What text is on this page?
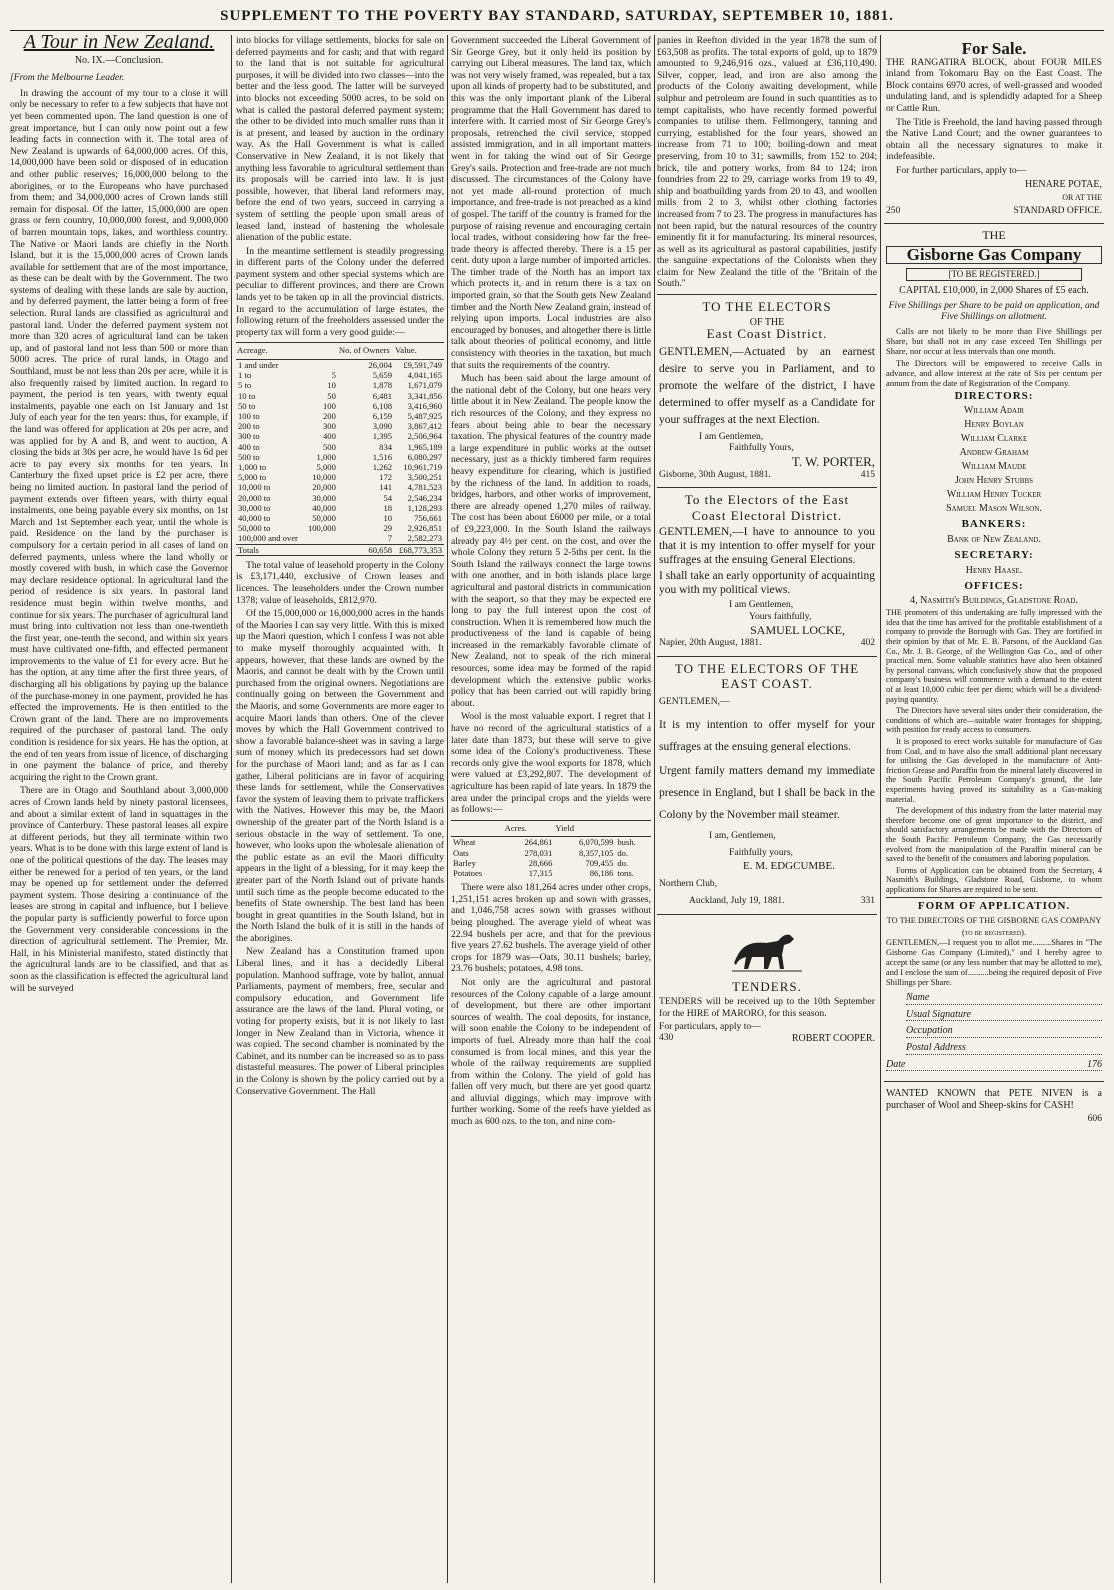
SUPPLEMENT TO THE POVERTY BAY STANDARD, SATURDAY, SEPTEMBER 10, 1881.
A Tour in New Zealand.
No. IX.—Conclusion.
[From the Melbourne Leader.

In drawing the account of my tour to a close it will only be necessary to refer to a few subjects that have not yet been commented upon. The land question is one of great importance, but I can only now point out a few leading facts in connection with it. The total area of New Zealand is upwards of 64,000,000 acres. Of this, 14,000,000 have been sold or disposed of in education and other public reserves; 16,000,000 belong to the aborigines, or to the Europeans who have purchased from them; and 34,000,000 acres of Crown lands still remain for disposal. Of the latter, 15,000,000 are open grass or fern country, 10,000,000 forest, and 9,000,000 of barren mountain tops, lakes, and worthless country. The Native or Maori lands are chiefly in the North Island, but it is the 15,000,000 acres of Crown lands available for settlement that are of the most importance, as these can be dealt with by the Government. The two systems of dealing with these lands are sale by auction, and by deferred payment, the latter being a form of free selection. Rural lands are classified as agricultural and pastoral land. Under the deferred payment system not more than 320 acres of agricultural land can be taken up, and of pastoral land not less than 500 or more than 5000 acres. The price of rural lands, in Otago and Southland, must be not less than 20s per acre, while it is also frequently raised by limited auction. In regard to payment, the period is ten years, with twenty equal instalments, payable one each on 1st January and 1st July of each year for the ten years: thus, for example, if the land was offered for application at 20s per acre, and was applied for by A and B, and went to auction, A closing the bids at 30s per acre, he would have 1s 6d per acre to pay every six months for ten years. In Canterbury the fixed upset price is £2 per acre, there being no limited auction. In pastoral land the period of payment extends over fifteen years, with thirty equal instalments, one being payable every six months, on 1st March and 1st September each year, until the whole is paid. Residence on the land by the purchaser is compulsory for a certain period in all cases of land on deferred payments, unless where the land wholly or mostly covered with bush, in which case the Governor may declare residence optional. In agricultural land the period of residence is six years. In pastoral land residence must begin within twelve months, and continue for six years. The purchaser of agricultural land must bring into cultivation not less than one-twentieth the first year, one-tenth the second, and within six years must have cultivated one-fifth, and effected permanent improvements to the value of £1 for every acre. But he has the option, at any time after the first three years, of discharging all his obligations by paying up the balance of the purchase-money in one payment, provided he has effected the improvements. He is then entitled to the Crown grant of the land. There are no improvements required of the purchaser of pastoral land. The only condition is residence for six years. He has the option, at the end of ten years from issue of licence, of discharging in one payment the balance of price, and thereby acquiring the right to the Crown grant.

There are in Otago and Southland about 3,000,000 acres of Crown lands held by ninety pastoral licensees, and about a similar extent of land in squattages in the province of Canterbury. These pastoral leases all expire at different periods, but they all terminate within two years. What is to be done with this large extent of land is one of the political questions of the day. The leases may either be renewed for a period of ten years, or the land may be opened up for settlement under the deferred payment system. Those desiring a continuance of the leases are strong in capital and influence, but I believe the popular party is sufficiently powerful to force upon the Government very considerable concessions in the direction of agricultural settlement. The Premier, Mr. Hall, in his Ministerial manifesto, stated distinctly that the agricultural lands are to be classified, and that as soon as the classification is effected the agricultural land will be surveyed

into blocks for village settlements, blocks for sale on deferred payments and for cash; and that with regard to the land that is not suitable for agricultural purposes, it will be divided into two classes—into the better and the less good. The latter will be surveyed into blocks not exceeding 5000 acres, to be sold on what is called the pastoral deferred payment system; the other to be divided into much smaller runs than it is at present, and leased by auction in the ordinary way. As the Hall Government is what is called Conservative in New Zealand, it is not likely that anything less favorable to agricultural settlement than its proposals will be carried into law. It is just possible, however, that liberal land reformers may, before the end of two years, succeed in carrying a system of settling the people upon small areas of leased land, instead of hastening the wholesale alienation of the public estate.

In the meantime settlement is steadily progressing in different parts of the Colony under the deferred payment system and other special systems which are peculiar to different provinces, and there are Crown lands yet to be taken up in all the provincial districts. In regard to the accumulation of large estates, the following return of the freeholders assessed under the property tax will form a very good guide:—

Acreage.		No. of Owners	Value.
1 and under		26,004	£9,591,749
1 to	5	5,659	4,041,165
5 to	10	1,878	1,671,079
10 to	50	6,481	3,341,856
50 to	100	6,108	3,416,960
100 to	200	6,159	5,487,925
200 to	300	3,090	3,867,412
300 to	400	1,395	2,506,964
400 to	500	834	1,965,189
500 to	1,000	1,516	6,080,297
1,000 to	5,000	1,262	10,961,719
5,000 to	10,000	172	3,500,251
10,000 to	20,000	141	4,781,523
20,000 to	30,000	54	2,546,234
30,000 to	40,000	18	1,128,293
40,000 to	50,000	10	756,661
50,000 to	100,000	29	2,926,851
100,000 and over		7	2,582,273
Totals		60,658	£68,773,353

The total value of leasehold property in the Colony is £3,171,440, exclusive of Crown leases and licences. The leaseholders under the Crown number 1378; value of leaseholds, £812,970.

Of the 15,000,000 or 16,000,000 acres in the hands of the Maories I can say very little. With this is mixed up the Maori question, which I confess I was not able to make myself thoroughly acquainted with. It appears, however, that these lands are owned by the Maoris, and cannot be dealt with by the Crown until purchased from the original owners. Negotiations are continually going on between the Government and the Maoris, and some Governments are more eager to acquire Maori lands than others. One of the clever moves by which the Hall Government contrived to show a favorable balance-sheet was in saving a large sum of money which its predecessors had set down for the purchase of Maori land; and as far as I can gather, Liberal politicians are in favor of acquiring these lands for settlement, while the Conservatives favor the system of leaving them to private traffickers with the Natives. However this may be, the Maori ownership of the greater part of the North Island is a serious obstacle in the way of settlement. To one, however, who looks upon the wholesale alienation of the public estate as an evil the Maori difficulty appears in the light of a blessing, for it may keep the greater part of the North Island out of private hands until such time as the people become educated to the benefits of State ownership. The best land has been bought in great quantities in the South Island, but in the North Island the bulk of it is still in the hands of the aborigines.

New Zealand has a Constitution framed upon Liberal lines, and it has a decidedly Liberal population. Manhood suffrage, vote by ballot, annual Parliaments, payment of members, free, secular and compulsory education, and Government life assurance are the laws of the land. Plural voting, or voting for property exists, but it is not likely to last longer in New Zealand than in Victoria, whence it was copied. The second chamber is nominated by the Cabinet, and its number can be increased so as to pass distasteful measures. The power of Liberal principles in the Colony is shown by the policy carried out by a Conservative Government. The Hall

Government succeeded the Liberal Government of Sir George Grey, but it only held its position by carrying out Liberal measures. The land tax, which was not very wisely framed, was repealed, but a tax upon all kinds of property had to be substituted, and this was the only important plank of the Liberal programme that the Hall Government has dared to interfere with. It carried most of Sir George Grey's proposals, retrenched the civil service, stopped assisted immigration, and in all important matters went in for taking the wind out of Sir George Grey's sails. Protection and free-trade are not much discussed. The circumstances of the Colony have not yet made all-round protection of much importance, and free-trade is not preached as a kind of gospel. The tariff of the country is framed for the purpose of raising revenue and encouraging certain local trades, without considering how far the free-trade theory is affected thereby. There is a 15 per cent. duty upon a large number of imported articles. The timber trade of the North has an import tax which protects it, and in return there is a tax on imported grain, so that the South gets New Zealand timber and the North New Zealand grain, instead of relying upon imports. Local industries are also encouraged by bonuses, and altogether there is little talk about theories of political economy, and little consistency with theories in the taxation, but much that suits the requirements of the country.

Much has been said about the large amount of the national debt of the Colony, but one hears very little about it in New Zealand. The people know the rich resources of the Colony, and they express no fears about being able to bear the necessary taxation. The physical features of the country made a large expenditure in public works at the outset necessary, just as a thickly timbered farm requires heavy expenditure for clearing, which is justified by the richness of the land. In addition to roads, bridges, harbors, and other works of improvement, there are already opened 1,270 miles of railway. The cost has been about £6000 per mile, or a total of £9,223,000. In the South Island the railways already pay 4½ per cent. on the cost, and over the whole Colony they return 5 2-5ths per cent. In the South Island the railways connect the large towns with one another, and in both islands place large agricultural and pastoral districts in communication with the seaport, so that they may be expected ere long to pay the full interest upon the cost of construction. When it is remembered how much the productiveness of the land is capable of being increased in the remarkably favorable climate of New Zealand, not to speak of the rich mineral resources, some idea may be formed of the rapid development which the extensive public works policy that has been carried out will rapidly bring about.

Wool is the most valuable export. I regret that I have no record of the agricultural statistics of a later date than 1873, but these will serve to give some idea of the Colony's productiveness. These records only give the wool exports for 1878, which were valued at £3,292,807. The development of agriculture has been rapid of late years. In 1879 the area under the principal crops and the yields were as follows:—

	Acres.	Yield	
Wheat	264,861	6,070,599	bush.
Oats	278,031	8,357,105	do.
Barley	28,666	709,455	do.
Potatoes	17,315	86,186	tons.

There were also 181,264 acres under other crops, 1,251,151 acres broken up and sown with grasses, and 1,046,758 acres sown with grasses without being ploughed. The average yield of wheat was 22.94 bushels per acre, and that for the previous five years 27.62 bushels. The average yield of other crops for 1879 was—Oats, 30.11 bushels; barley, 23.76 bushels; potatoes, 4.98 tons.

Not only are the agricultural and pastoral resources of the Colony capable of a large amount of development, but there are other important sources of wealth. The coal deposits, for instance, will soon enable the Colony to be independent of imports of fuel. Already more than half the coal consumed is from local mines, and this year the whole of the railway requirements are supplied from within the Colony. The yield of gold has fallen off very much, but there are yet good quartz and alluvial diggings, which may improve with further working. Some of the reefs have yielded as much as 600 ozs. to the ton, and nine com-

panies in Reefton divided in the year 1878 the sum of £63,508 as profits. The total exports of gold, up to 1879 amounted to 9,246,916 ozs., valued at £36,110,490. Silver, copper, lead, and iron are also among the products of the Colony awaiting development, while sulphur and petroleum are found in such quantities as to tempt capitalists, who have recently formed powerful companies to utilise them. Fellmongery, tanning and currying, established for the four years, showed an increase from 71 to 100; boiling-down and meat preserving, from 10 to 31; sawmills, from 152 to 204; brick, tile and pottery works, from 84 to 124; iron foundries from 22 to 29, carriage works from 19 to 49, ship and boatbuilding yards from 20 to 43, and woollen mills from 2 to 3, whilst other clothing factories increased from 7 to 23. The progress in manufactures has not been rapid, but the natural resources of the country eminently fit it for manufacturing. Its mineral resources, as well as its agricultural as pastoral capabilities, justify the sanguine expectations of the Colonists when they claim for New Zealand the title of the "Britain of the South."

TO THE ELECTORS
OF THE
East Coast District.

GENTLEMEN,—Actuated by an earnest desire to serve you in Parliament, and to promote the welfare of the district, I have determined to offer myself as a Candidate for your suffrages at the next Election.

I am Gentlemen,
Faithfully Yours,
T. W. PORTER,
Gisborne, 30th August, 1881.	415
To the Electors of the East
Coast Electoral District.

GENTLEMEN,—I have to announce to you that it is my intention to offer myself for your suffrages at the ensuing General Elections.

I shall take an early opportunity of acquainting you with my political views.

I am Gentlemen,
Yours faithfully,
SAMUEL LOCKE,
Napier, 20th August, 1881.	402
TO THE ELECTORS OF THE
EAST COAST.
GENTLEMEN,—

It is my intention to offer myself for your suffrages at the ensuing general elections.

Urgent family matters demand my immediate presence in England, but I shall be back in the Colony by the November mail steamer.

I am, Gentlemen,
Faithfully yours,
E. M. EDGCUMBE.
Northern Club,
Auckland, July 19, 1881.	331
TENDERS.

TENDERS will be received up to the 10th September for the HIRE of MARORO, for this season.

For particulars, apply to—
430	ROBERT COOPER.
For Sale.

THE RANGATIRA BLOCK, about FOUR MILES inland from Tokomaru Bay on the East Coast. The Block contains 6970 acres, of well-grassed and wooded undulating land, and is splendidly adapted for a Sheep or Cattle Run.

The Title is Freehold, the land having passed through the Native Land Court; and the owner guarantees to obtain all the necessary signatures to make it indefeasible.

For further particulars, apply to—

HENARE POTAE,
OR AT THE
250	STANDARD OFFICE.
THE
Gisborne Gas Company
[TO BE REGISTERED.]
CAPITAL £10,000, in 2,000 Shares of £5 each.
Five Shillings per Share to be paid on application, and Five Shillings on allotment.

Calls are not likely to be more than Five Shillings per Share, but shall not in any case exceed Ten Shillings per Share, nor occur at less intervals than one month.

The Directors will be empowered to receive Calls in advance, and allow interest at the rate of Six per centum per annum from the date of Registration of the Company.

DIRECTORS:
William Adair
Henry Boylan
William Clarke
Andrew Graham
William Maude
John Henry Stubbs
William Henry Tucker
Samuel Mason Wilson.
BANKERS:
Bank of New Zealand.
SECRETARY:
Henry Haase.
OFFICES:
4, Nasmith's Buildings, Gladstone Road.

THE promoters of this undertaking are fully impressed with the idea that the time has arrived for the profitable establishment of a company to provide the Borough with Gas. They are fortified in their opinion by that of Mr. E. B. Parsons, of the Auckland Gas Co., Mr. J. B. George, of the Wellington Gas Co., and of other practical men. Some valuable statistics have also been obtained by personal canvass, which conclusively show that the proposed company's business will commence with a demand to the extent of at least 10,000 cubic feet per diem; which will be a dividend-paying quantity.

The Directors have several sites under their consideration, the conditions of which are—suitable water frontages for shipping, with position for ready access to consumers.

It is proposed to erect works suitable for manufacture of Gas from Coal, and to have also the small additional plant necessary for utilising the Gas developed in the manufacture of Anti-friction Grease and Paraffin from the mineral lately discovered in the South Pacific Petroleum Company's ground, the late experiments having proved its suitability as a Gas-making material.

The development of this industry from the latter material may therefore become one of great importance to the district, and should satisfactory arrangements be made with the Directors of the South Pacific Petroleum Company, the Gas necessarily evolved from the manipulation of the Paraffin mineral can be saved to the benefit of the consumers and laboring population.

Forms of Application can be obtained from the Secretary, 4 Nasmith's Buildings, Gladstone Road, Gisborne, to whom applications for Shares are required to be sent.

FORM OF APPLICATION.
TO THE DIRECTORS OF THE GISBORNE GAS COMPANY (to be registered).

GENTLEMEN,—I request you to allot me.........Shares in "The Gisborne Gas Company (Limited)," and I hereby agree to accept the same (or any less number that may be allotted to me), and I enclose the sum of..........being the required deposit of Five Shillings per Share.

Name
Usual Signature
Occupation
Postal Address
Date	176

WANTED KNOWN that PETE NIVEN is a purchaser of Wool and Sheep-skins for CASH!

606
